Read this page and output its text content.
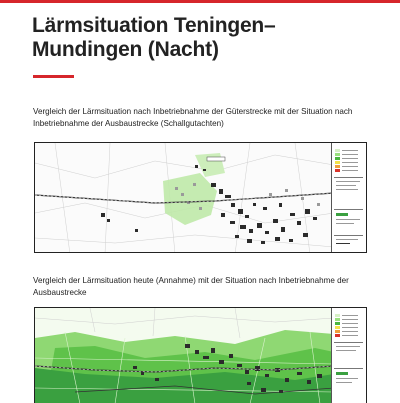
Lärmsituation Teningen–Mundingen (Nacht)
Vergleich der Lärmsituation nach Inbetriebnahme der Güterstrecke mit der Situation nach Inbetriebnahme der Ausbaustrecke (Schallgutachten)
Vergleich der Lärmsituation heute (Annahme) mit der Situation nach Inbetriebnahme der Ausbaustrecke
